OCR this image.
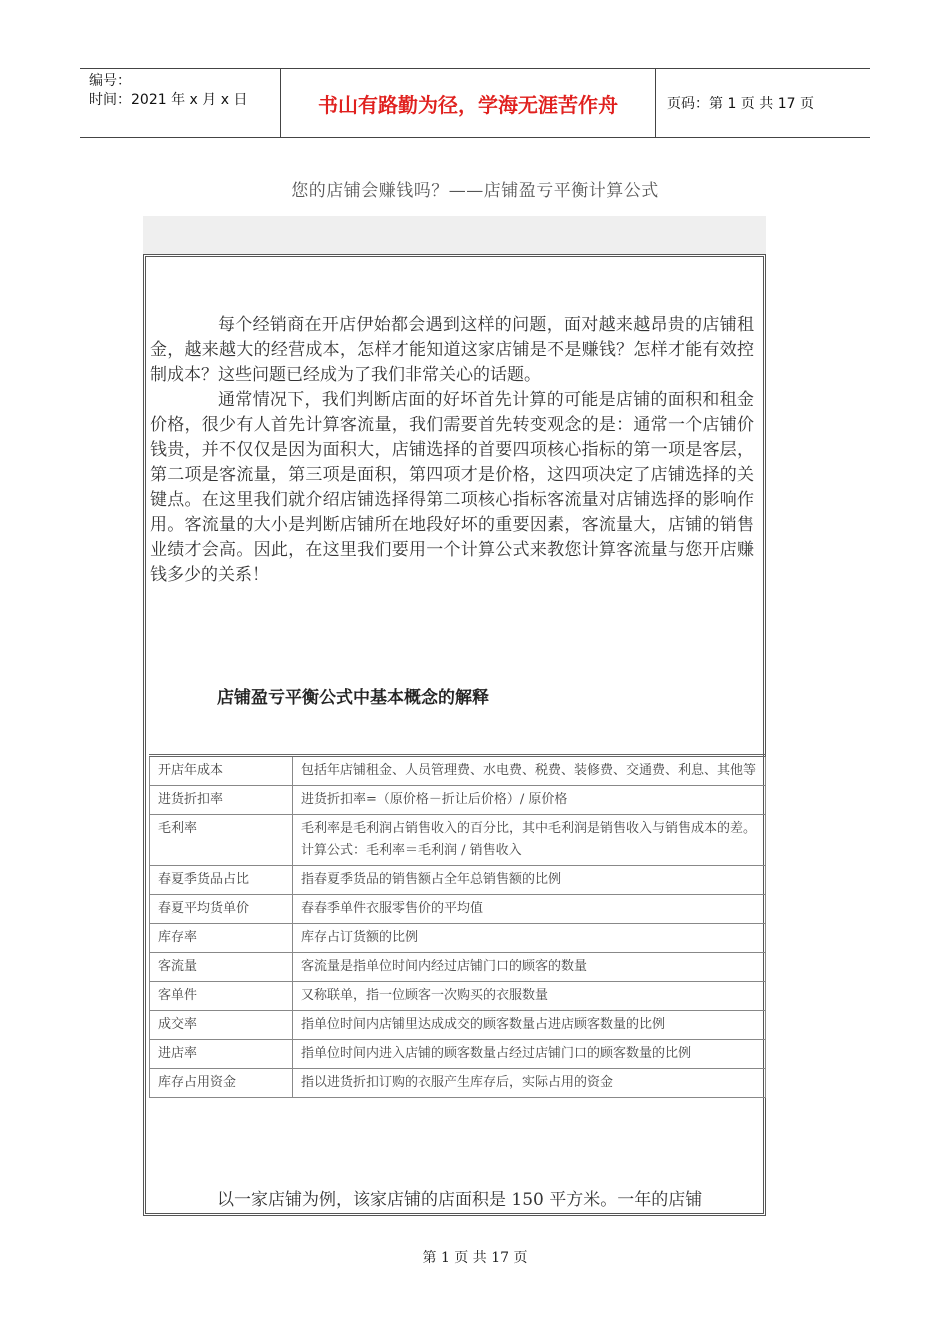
编号：
时间：2021 年 x 月 x 日	书山有路勤为径，学海无涯苦作舟	页码：第 1 页 共 17 页
您的店铺会赚钱吗？——店铺盈亏平衡计算公式

每个经销商在开店伊始都会遇到这样的问题，面对越来越昂贵的店铺租金，越来越大的经营成本，怎样才能知道这家店铺是不是赚钱？怎样才能有效控制成本？这些问题已经成为了我们非常关心的话题。

通常情况下，我们判断店面的好坏首先计算的可能是店铺的面积和租金价格，很少有人首先计算客流量，我们需要首先转变观念的是：通常一个店铺价钱贵，并不仅仅是因为面积大，店铺选择的首要四项核心指标的第一项是客层，第二项是客流量，第三项是面积，第四项才是价格，这四项决定了店铺选择的关键点。在这里我们就介绍店铺选择得第二项核心指标客流量对店铺选择的影响作用。客流量的大小是判断店铺所在地段好坏的重要因素，客流量大，店铺的销售业绩才会高。因此，在这里我们要用一个计算公式来教您计算客流量与您开店赚钱多少的关系！

店铺盈亏平衡公式中基本概念的解释
开店年成本	包括年店铺租金、人员管理费、水电费、税费、装修费、交通费、利息、其他等
进货折扣率	进货折扣率=（原价格－折让后价格）/ 原价格
毛利率	毛利率是毛利润占销售收入的百分比，其中毛利润是销售收入与销售成本的差。计算公式：毛利率＝毛利润 / 销售收入
春夏季货品占比	指春夏季货品的销售额占全年总销售额的比例
春夏平均货单价	春春季单件衣服零售价的平均值
库存率	库存占订货额的比例
客流量	客流量是指单位时间内经过店铺门口的顾客的数量
客单件	又称联单，指一位顾客一次购买的衣服数量
成交率	指单位时间内店铺里达成成交的顾客数量占进店顾客数量的比例
进店率	指单位时间内进入店铺的顾客数量占经过店铺门口的顾客数量的比例
库存占用资金	指以进货折扣订购的衣服产生库存后，实际占用的资金
以一家店铺为例，该家店铺的店面积是 150 平方米。一年的店铺
第 1 页 共 17 页
